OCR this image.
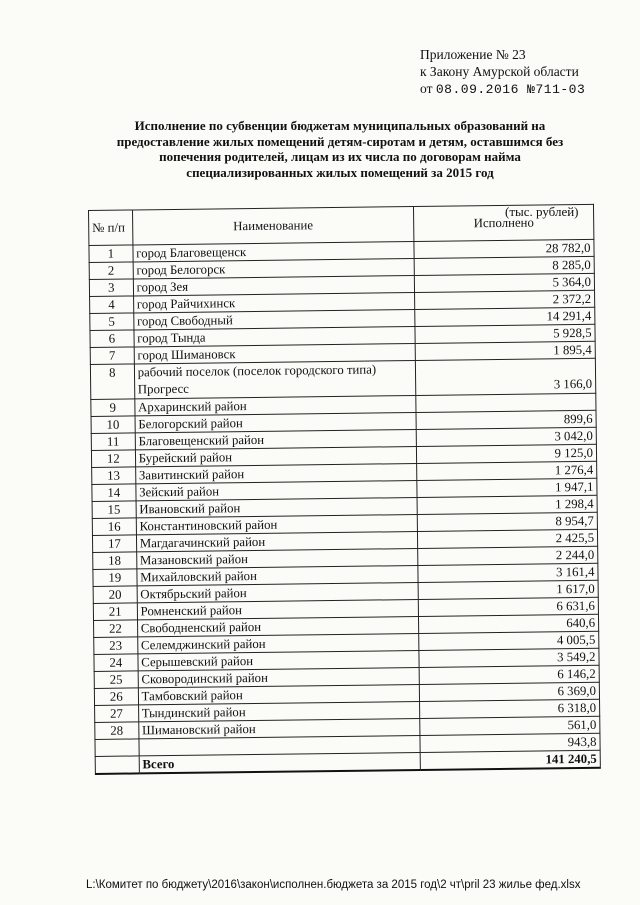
Приложение № 23
к Закону Амурской области
от 08.09.2016 №711-03
Исполнение по субвенции бюджетам муниципальных образований на предоставление жилых помещений детям-сиротам и детям, оставшимся без попечения родителей, лицам из их числа по договорам найма специализированных жилых помещений за 2015 год
(тыс. рублей)
№ п/п	Наименование	Исполнено
1	город Благовещенск	28 782,0
2	город Белогорск	8 285,0
3	город Зея	5 364,0
4	город Райчихинск	2 372,2
5	город Свободный	14 291,4
6	город Тында	5 928,5
7	город Шимановск	1 895,4
8	рабочий поселок (поселок городского типа) Прогресс	3 166,0
9	Архаринский район	
10	Белогорский район	899,6
11	Благовещенский район	3 042,0
12	Бурейский район	9 125,0
13	Завитинский район	1 276,4
14	Зейский район	1 947,1
15	Ивановский район	1 298,4
16	Константиновский район	8 954,7
17	Магдагачинский район	2 425,5
18	Мазановский район	2 244,0
19	Михайловский район	3 161,4
20	Октябрьский район	1 617,0
21	Ромненский район	6 631,6
22	Свободненский район	640,6
23	Селемджинский район	4 005,5
24	Серышевский район	3 549,2
25	Сковородинский район	6 146,2
26	Тамбовский район	6 369,0
27	Тындинский район	6 318,0
28	Шимановский район	561,0
		943,8
	Всего	141 240,5
L:\Комитет по бюджету\2016\закон\исполнен.бюджета за 2015 год\2 чт\pril 23 жилье фед.xlsx
